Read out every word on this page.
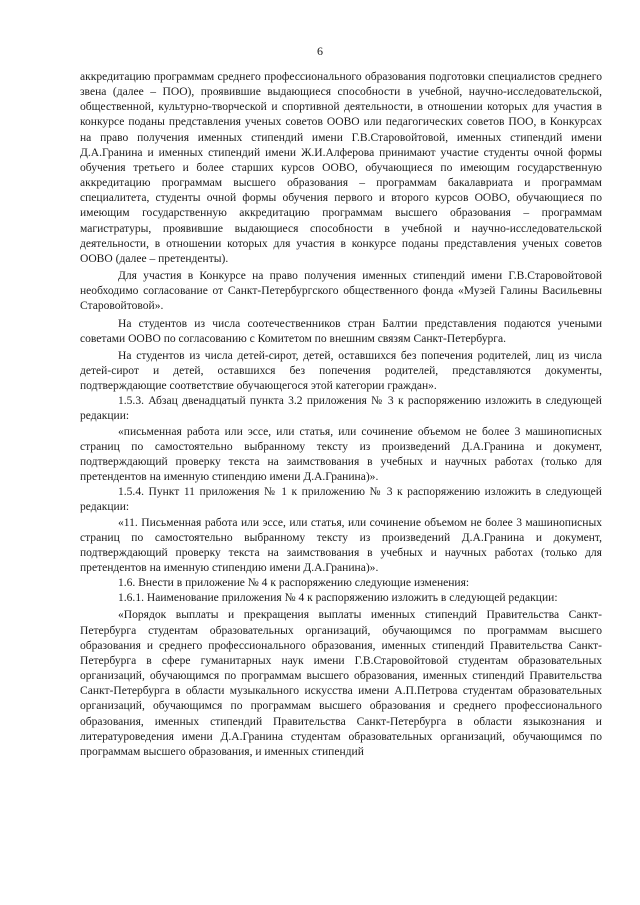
6

аккредитацию программам среднего профессионального образования подготовки специалистов среднего звена (далее – ПОО), проявившие выдающиеся способности в учебной, научно-исследовательской, общественной, культурно-творческой и спортивной деятельности, в отношении которых для участия в конкурсе поданы представления ученых советов ООВО или педагогических советов ПОО, в Конкурсах на право получения именных стипендий имени Г.В.Старовойтовой, именных стипендий имени Д.А.Гранина и именных стипендий имени Ж.И.Алферова принимают участие студенты очной формы обучения третьего и более старших курсов ООВО, обучающиеся по имеющим государственную аккредитацию программам высшего образования – программам бакалавриата и программам специалитета, студенты очной формы обучения первого и второго курсов ООВО, обучающиеся по имеющим государственную аккредитацию программам высшего образования – программам магистратуры, проявившие выдающиеся способности в учебной и научно-исследовательской деятельности, в отношении которых для участия в конкурсе поданы представления ученых советов ООВО (далее – претенденты).

Для участия в Конкурсе на право получения именных стипендий имени Г.В.Старовойтовой необходимо согласование от Санкт-Петербургского общественного фонда «Музей Галины Васильевны Старовойтовой».

На студентов из числа соотечественников стран Балтии представления подаются учеными советами ООВО по согласованию с Комитетом по внешним связям Санкт-Петербурга.

На студентов из числа детей-сирот, детей, оставшихся без попечения родителей, лиц из числа детей-сирот и детей, оставшихся без попечения родителей, представляются документы, подтверждающие соответствие обучающегося этой категории граждан».

1.5.3. Абзац двенадцатый пункта 3.2 приложения № 3 к распоряжению изложить в следующей редакции:

«письменная работа или эссе, или статья, или сочинение объемом не более 3 машинописных страниц по самостоятельно выбранному тексту из произведений Д.А.Гранина и документ, подтверждающий проверку текста на заимствования в учебных и научных работах (только для претендентов на именную стипендию имени Д.А.Гранина)».

1.5.4. Пункт 11 приложения № 1 к приложению № 3 к распоряжению изложить в следующей редакции:

«11. Письменная работа или эссе, или статья, или сочинение объемом не более 3 машинописных страниц по самостоятельно выбранному тексту из произведений Д.А.Гранина и документ, подтверждающий проверку текста на заимствования в учебных и научных работах (только для претендентов на именную стипендию имени Д.А.Гранина)».

1.6. Внести в приложение № 4 к распоряжению следующие изменения:

1.6.1. Наименование приложения № 4 к распоряжению изложить в следующей редакции:

«Порядок выплаты и прекращения выплаты именных стипендий Правительства Санкт-Петербурга студентам образовательных организаций, обучающимся по программам высшего образования и среднего профессионального образования, именных стипендий Правительства Санкт-Петербурга в сфере гуманитарных наук имени Г.В.Старовойтовой студентам образовательных организаций, обучающимся по программам высшего образования, именных стипендий Правительства Санкт-Петербурга в области музыкального искусства имени А.П.Петрова студентам образовательных организаций, обучающимся по программам высшего образования и среднего профессионального образования, именных стипендий Правительства Санкт-Петербурга в области языкознания и литературоведения имени Д.А.Гранина студентам образовательных организаций, обучающимся по программам высшего образования, и именных стипендий
